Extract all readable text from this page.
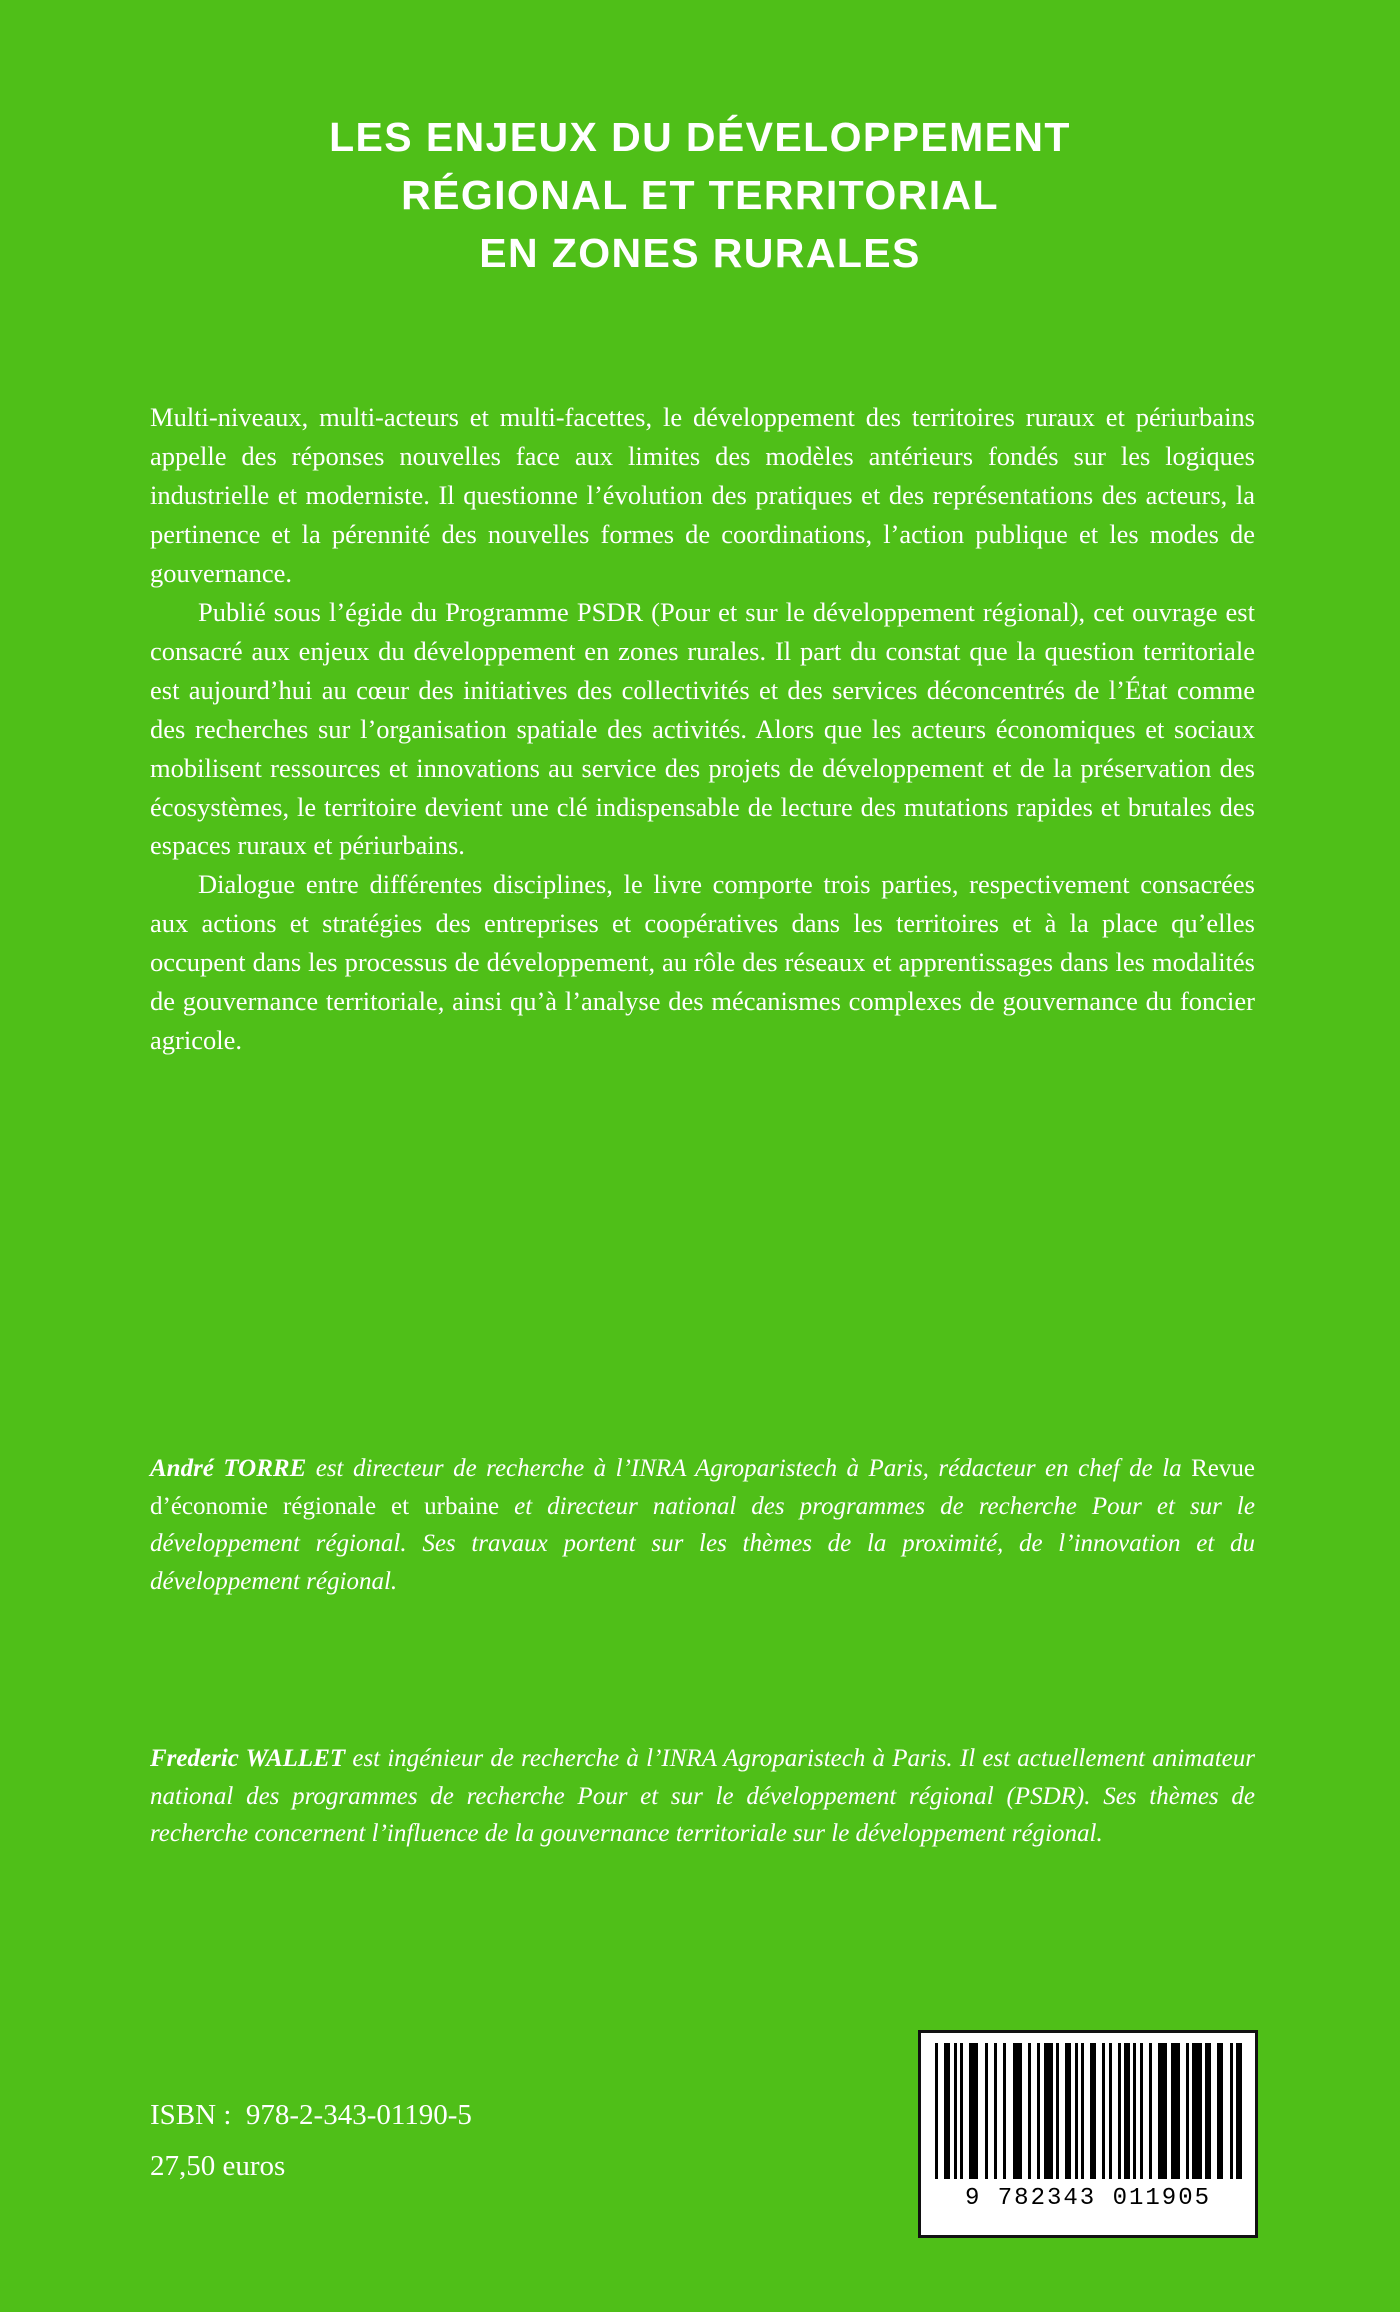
LES ENJEUX DU DÉVELOPPEMENT
RÉGIONAL ET TERRITORIAL
EN ZONES RURALES

Multi-niveaux, multi-acteurs et multi-facettes, le développement des territoires ruraux et périurbains appelle des réponses nouvelles face aux limites des modèles antérieurs fondés sur les logiques industrielle et moderniste. Il questionne l’évolution des pratiques et des représentations des acteurs, la pertinence et la pérennité des nouvelles formes de coordinations, l’action publique et les modes de gouvernance.

Publié sous l’égide du Programme PSDR (Pour et sur le développement régional), cet ouvrage est consacré aux enjeux du développement en zones rurales. Il part du constat que la question territoriale est aujourd’hui au cœur des initiatives des collectivités et des services déconcentrés de l’État comme des recherches sur l’organisation spatiale des activités. Alors que les acteurs économiques et sociaux mobilisent ressources et innovations au service des projets de développement et de la préservation des écosystèmes, le territoire devient une clé indispensable de lecture des mutations rapides et brutales des espaces ruraux et périurbains.

Dialogue entre différentes disciplines, le livre comporte trois parties, respectivement consacrées aux actions et stratégies des entreprises et coopératives dans les territoires et à la place qu’elles occupent dans les processus de développement, au rôle des réseaux et apprentissages dans les modalités de gouvernance territoriale, ainsi qu’à l’analyse des mécanismes complexes de gouvernance du foncier agricole.

André TORRE est directeur de recherche à l’INRA Agroparistech à Paris, rédacteur en chef de la Revue d’économie régionale et urbaine et directeur national des programmes de recherche Pour et sur le développement régional. Ses travaux portent sur les thèmes de la proximité, de l’innovation et du développement régional.
Frederic WALLET est ingénieur de recherche à l’INRA Agroparistech à Paris. Il est actuellement animateur national des programmes de recherche Pour et sur le développement régional (PSDR). Ses thèmes de recherche concernent l’influence de la gouvernance territoriale sur le développement régional.
ISBN :  978-2-343-01190-5
27,50 euros
9 782343 011905
